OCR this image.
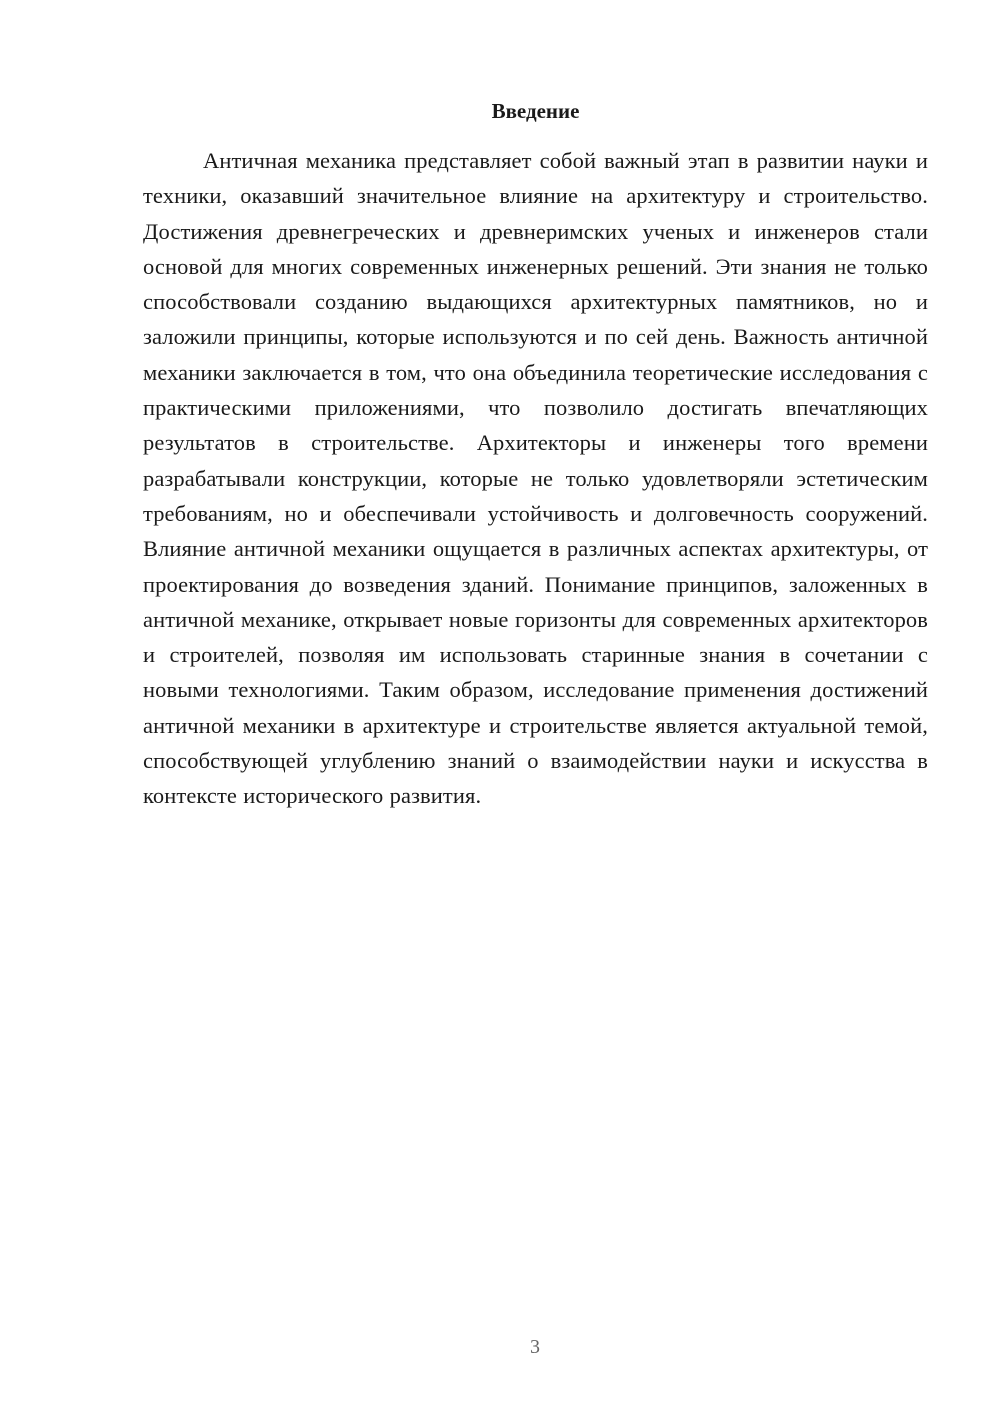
Введение

Античная механика представляет собой важный этап в развитии науки и техники, оказавший значительное влияние на архитектуру и строительство. Достижения древнегреческих и древнеримских ученых и инженеров стали основой для многих современных инженерных решений. Эти знания не только способствовали созданию выдающихся архитектурных памятников, но и заложили принципы, которые используются и по сей день. Важность античной механики заключается в том, что она объединила теоретические исследования с практическими приложениями, что позволило достигать впечатляющих результатов в строительстве. Архитекторы и инженеры того времени разрабатывали конструкции, которые не только удовлетворяли эстетическим требованиям, но и обеспечивали устойчивость и долговечность сооружений. Влияние античной механики ощущается в различных аспектах архитектуры, от проектирования до возведения зданий. Понимание принципов, заложенных в античной механике, открывает новые горизонты для современных архитекторов и строителей, позволяя им использовать старинные знания в сочетании с новыми технологиями. Таким образом, исследование применения достижений античной механики в архитектуре и строительстве является актуальной темой, способствующей углублению знаний о взаимодействии науки и искусства в контексте исторического развития.

3
